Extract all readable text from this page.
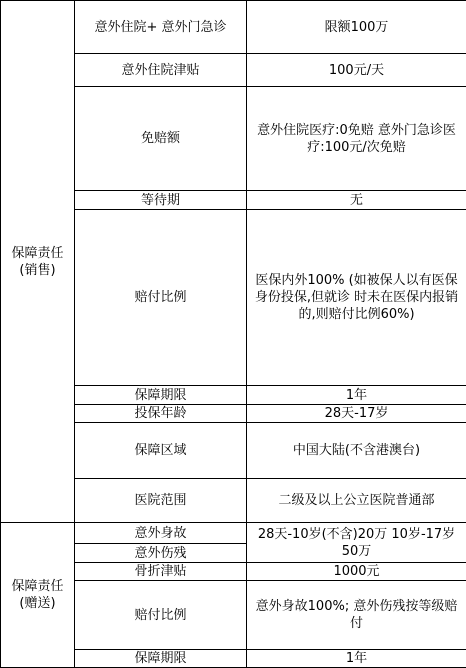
保障责任
(销售)	意外住院+ 意外门急诊	限额100万
	意外住院津贴	100元/天
	免赔额	意外住院医疗:0免赔 意外门急诊医疗:100元/次免赔
	等待期	无
	赔付比例	医保内外100% (如被保人以有医保身份投保,但就诊 时未在医保内报销的,则赔付比例60%)
	保障期限	1年
	投保年龄	28天-17岁
	保障区域	中国大陆(不含港澳台)
	医院范围	二级及以上公立医院普通部
保障责任
(赠送)	意外身故	28天-10岁(不含)20万 10岁-17岁 50万
	意外伤残	
	骨折津贴	1000元
	赔付比例	意外身故100%; 意外伤残按等级赔付
	保障期限	1年
